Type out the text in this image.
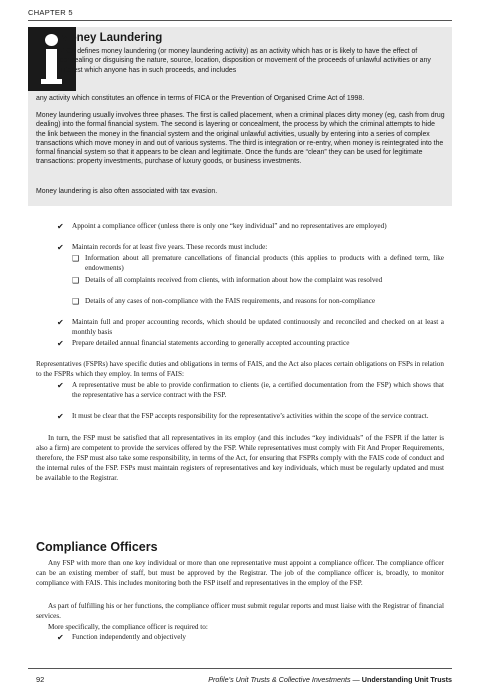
CHAPTER 5
Money Laundering

FICA defines money laundering (or money laundering activity) as an activity which has or is likely to have the effect of concealing or disguising the nature, source, location, disposition or movement of the proceeds of unlawful activities or any interest which anyone has in such proceeds, and includes

any activity which constitutes an offence in terms of FICA or the Prevention of Organised Crime Act of 1998.

Money laundering usually involves three phases. The first is called placement, when a criminal places dirty money (eg, cash from drug dealing) into the formal financial system. The second is layering or concealment, the process by which the criminal attempts to hide the link between the money in the financial system and the original unlawful activities, usually by entering into a series of complex transactions which move money in and out of various systems. The third is integration or re-entry, when money is reintegrated into the formal financial system so that it appears to be clean and legitimate. Once the funds are “clean” they can be used for legitimate transactions: property investments, purchase of luxury goods, or business investments.

Money laundering is also often associated with tax evasion.

✔ Appoint a compliance officer (unless there is only one “key individual” and no representatives are employed)

✔ Maintain records for at least five years. These records must include:

❑ Information about all premature cancellations of financial products (this applies to products with a defined term, like endowments)

❑ Details of all complaints received from clients, with information about how the complaint was resolved

❑ Details of any cases of non-compliance with the FAIS requirements, and reasons for non-compliance

✔ Maintain full and proper accounting records, which should be updated continuously and reconciled and checked on at least a monthly basis

✔ Prepare detailed annual financial statements according to generally accepted accounting practice

Representatives (FSPRs) have specific duties and obligations in terms of FAIS, and the Act also places certain obligations on FSPs in relation to the FSPRs which they employ. In terms of FAIS:

✔ A representative must be able to provide confirmation to clients (ie, a certified documentation from the FSP) which shows that the representative has a service contract with the FSP.

✔ It must be clear that the FSP accepts responsibility for the representative’s activities within the scope of the service contract.

In turn, the FSP must be satisfied that all representatives in its employ (and this includes “key individuals” of the FSPR if the latter is also a firm) are competent to provide the services offered by the FSP. While representatives must comply with Fit And Proper Requirements, therefore, the FSP must also take some responsibility, in terms of the Act, for ensuring that FSPRs comply with the FAIS code of conduct and the internal rules of the FSP. FSPs must maintain registers of representatives and key individuals, which must be regularly updated and must be available to the Registrar.

Compliance Officers

Any FSP with more than one key individual or more than one representative must appoint a compliance officer. The compliance officer can be an existing member of staff, but must be approved by the Registrar. The job of the compliance officer is, broadly, to monitor compliance with FAIS. This includes monitoring both the FSP itself and representatives in the employ of the FSP.

As part of fulfilling his or her functions, the compliance officer must submit regular reports and must liaise with the Registrar of financial services.

More specifically, the compliance officer is required to:

✔ Function independently and objectively

92	Profile’s Unit Trusts & Collective Investments — Understanding Unit Trusts
